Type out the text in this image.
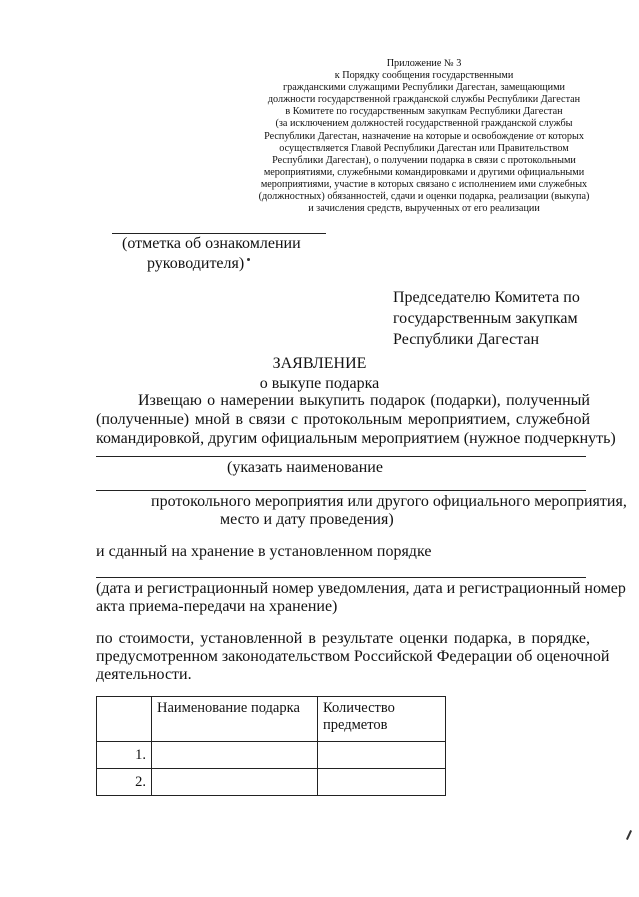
Приложение № 3
к Порядку сообщения государственными
гражданскими служащими Республики Дагестан, замещающими
должности государственной гражданской службы Республики Дагестан
в Комитете по государственным закупкам Республики Дагестан
(за исключением должностей государственной гражданской службы
Республики Дагестан, назначение на которые и освобождение от которых
осуществляется Главой Республики Дагестан или Правительством
Республики Дагестан), о получении подарка в связи с протокольными
мероприятиями, служебными командировками и другими официальными
мероприятиями, участие в которых связано с исполнением ими служебных
(должностных) обязанностей, сдачи и оценки подарка, реализации (выкупа)
и зачисления средств, вырученных от его реализации
(отметка об ознакомлении
руководителя)
Председателю Комитета по
государственным закупкам
Республики Дагестан
ЗАЯВЛЕНИЕ
о выкупе подарка
Извещаю о намерении выкупить подарок (подарки), полученный
(полученные) мной в связи с протокольным мероприятием, служебной
командировкой, другим официальным мероприятием (нужное подчеркнуть)
(указать наименование
протокольного мероприятия или другого официального мероприятия,
место и дату проведения)
и сданный на хранение в установленном порядке
(дата и регистрационный номер уведомления, дата и регистрационный номер
акта приема-передачи на хранение)
по стоимости, установленной в результате оценки подарка, в порядке,
предусмотренном законодательством Российской Федерации об оценочной
деятельности.
	Наименование подарка	Количество предметов
1.		
2.		
